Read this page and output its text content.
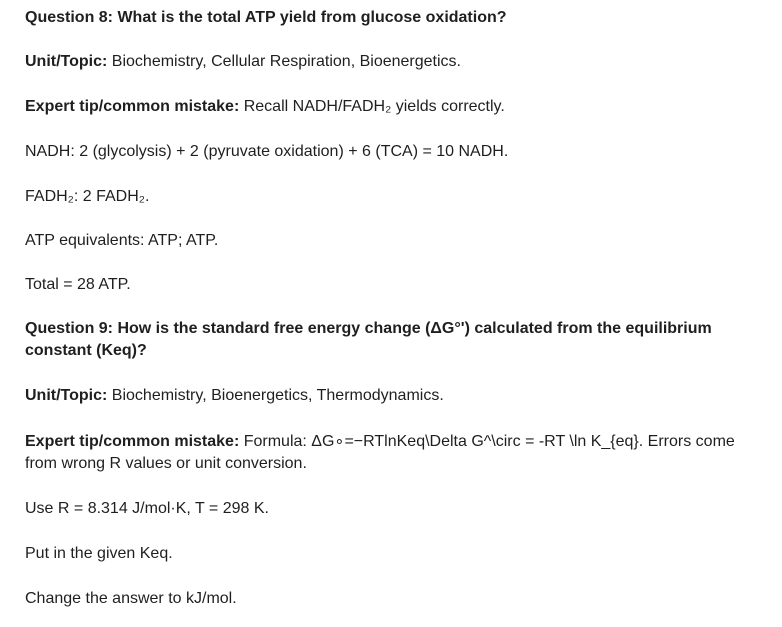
Question 8: What is the total ATP yield from glucose oxidation?
Unit/Topic: Biochemistry, Cellular Respiration, Bioenergetics.
Expert tip/common mistake: Recall NADH/FADH₂ yields correctly.
NADH: 2 (glycolysis) + 2 (pyruvate oxidation) + 6 (TCA) = 10 NADH.
FADH₂: 2 FADH₂.
ATP equivalents: ATP; ATP.
Total = 28 ATP.
Question 9: How is the standard free energy change (ΔG°') calculated from the equilibrium constant (Keq)?
Unit/Topic: Biochemistry, Bioenergetics, Thermodynamics.
Expert tip/common mistake: Formula: ΔG∘=−RTlnKeq\Delta G^\circ = -RT \ln K_{eq}. Errors come from wrong R values or unit conversion.
Use R = 8.314 J/mol·K, T = 298 K.
Put in the given Keq.
Change the answer to kJ/mol.
